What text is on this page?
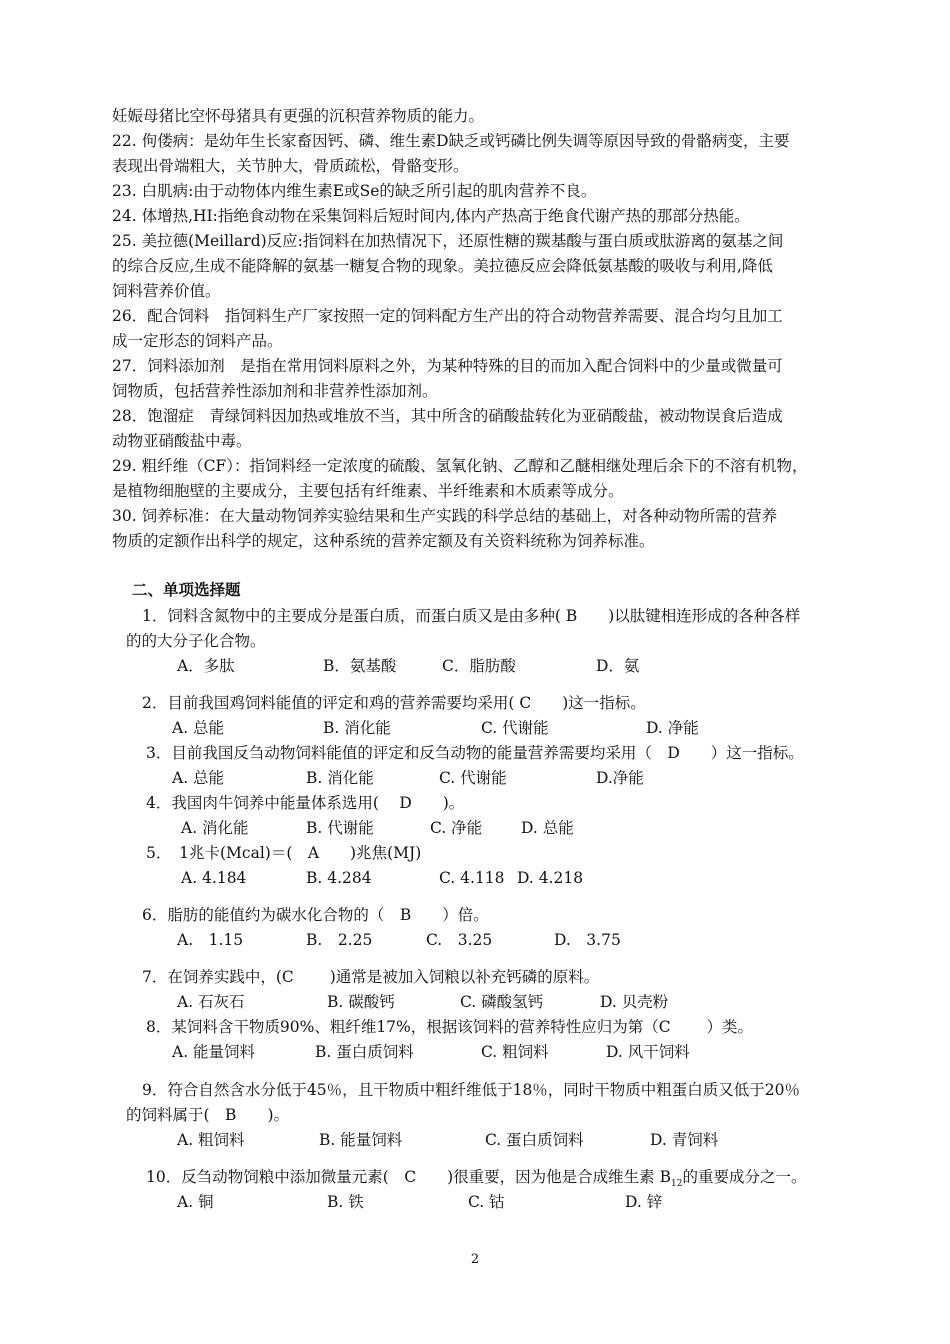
妊娠母猪比空怀母猪具有更强的沉积营养物质的能力。
22. 佝偻病：是幼年生长家畜因钙、磷、维生素D缺乏或钙磷比例失调等原因导致的骨骼病变，主要
表现出骨端粗大，关节肿大，骨质疏松，骨骼变形。
23. 白肌病:由于动物体内维生素E或Se的缺乏所引起的肌肉营养不良。
24. 体增热,HI:指绝食动物在采集饲料后短时间内,体内产热高于绝食代谢产热的那部分热能。
25. 美拉德(Meillard)反应:指饲料在加热情况下，还原性糖的羰基酸与蛋白质或肽游离的氨基之间
的综合反应,生成不能降解的氨基一糖复合物的现象。美拉德反应会降低氨基酸的吸收与利用,降低
饲料营养价值。
26．配合饲料　指饲料生产厂家按照一定的饲料配方生产出的符合动物营养需要、混合均匀且加工
成一定形态的饲料产品。
27．饲料添加剂　是指在常用饲料原料之外，为某种特殊的目的而加入配合饲料中的少量或微量可
饲物质，包括营养性添加剂和非营养性添加剂。
28．饱溜症　青绿饲料因加热或堆放不当，其中所含的硝酸盐转化为亚硝酸盐，被动物误食后造成
动物亚硝酸盐中毒。
29. 粗纤维（CF）：指饲料经一定浓度的硫酸、氢氧化钠、乙醇和乙醚相继处理后余下的不溶有机物，
是植物细胞壁的主要成分，主要包括有纤维素、半纤维素和木质素等成分。
30. 饲养标准：在大量动物饲养实验结果和生产实践的科学总结的基础上，对各种动物所需的营养
物质的定额作出科学的规定，这种系统的营养定额及有关资料统称为饲养标准。
二、单项选择题
1．饲料含氮物中的主要成分是蛋白质，而蛋白质又是由多种( B　　)以肽键相连形成的各种各样
的的大分子化合物。
A．多肽	B．氨基酸	C．脂肪酸	D．氨
2．目前我国鸡饲料能值的评定和鸡的营养需要均采用( C　　)这一指标。
A. 总能	B. 消化能	C. 代谢能	D. 净能
3．目前我国反刍动物饲料能值的评定和反刍动物的能量营养需要均采用（　D　　）这一指标。
A. 总能	B. 消化能	C. 代谢能	D.净能
4．我国肉牛饲养中能量体系选用(　 D　　)。
A. 消化能	B. 代谢能	C. 净能	D. 总能
5．　1兆卡(Mcal)＝(　A　　)兆焦(MJ)
A. 4.184	B. 4.284	C. 4.118 D. 4.218
6．脂肪的能值约为碳水化合物的（　B　　）倍。
A.　1.15	B.　2.25	C.　3.25	D.　3.75
7．在饲养实践中，(C　　 )通常是被加入饲粮以补充钙磷的原料。
A. 石灰石	B. 碳酸钙	C. 磷酸氢钙	D. 贝壳粉
8．某饲料含干物质90%、粗纤维17%，根据该饲料的营养特性应归为第（C　　 ）类。
A. 能量饲料	B. 蛋白质饲料	C. 粗饲料	D. 风干饲料
9．符合自然含水分低于45％，且干物质中粗纤维低于18％，同时干物质中粗蛋白质又低于20％
的饲料属于(　B　　)。
A. 粗饲料	B. 能量饲料	C. 蛋白质饲料	D. 青饲料
10．反刍动物饲粮中添加微量元素(　C　　)很重要，因为他是合成维生素 $B_{12}$的重要成分之一。
A. 铜	B. 铁	C. 钴	D. 锌
2
